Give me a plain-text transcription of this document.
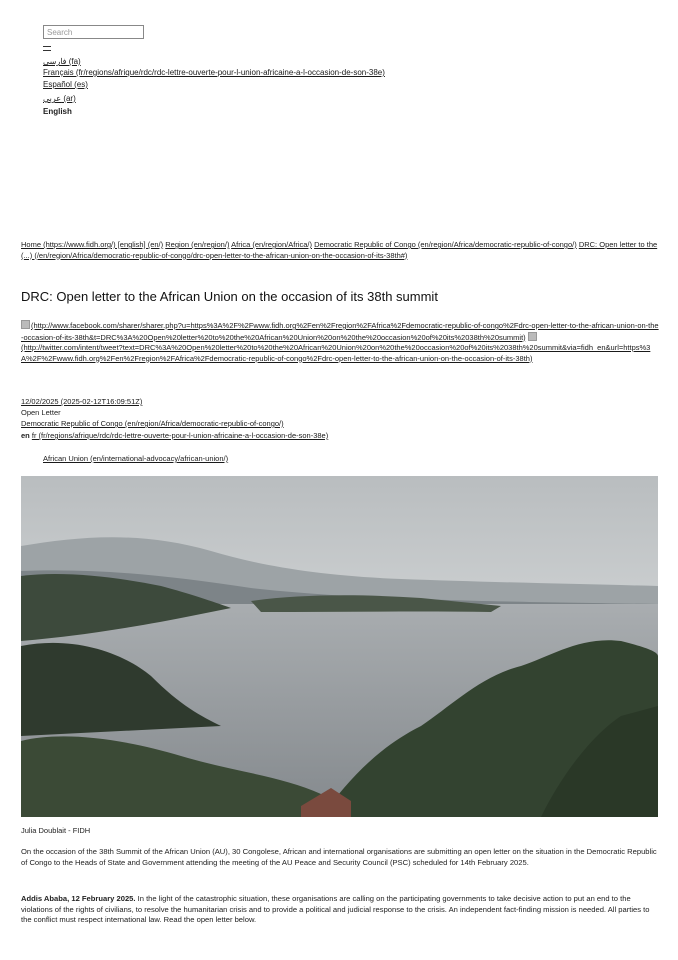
Search
فارسی (fa)
Français (fr/regions/afrique/rdc/rdc-lettre-ouverte-pour-l-union-africaine-a-l-occasion-de-son-38e)
Español (es)
عربي (ar)
English
Home (https://www.fidh.org/) [english] (en/) Region (en/region/) Africa (en/region/Africa/) Democratic Republic of Congo (en/region/Africa/democratic-republic-of-congo/) DRC: Open letter to the (...) (/en/region/Africa/democratic-republic-of-congo/drc-open-letter-to-the-african-union-on-the-occasion-of-its-38th#)
DRC: Open letter to the African Union on the occasion of its 38th summit
(http://www.facebook.com/sharer/sharer.php?u=https%3A%2F%2Fwww.fidh.org%2Fen%2Fregion%2FAfrica%2Fdemocratic-republic-of-congo%2Fdrc-open-letter-to-the-african-union-on-the-occasion-of-its-38th&t=DRC%3A%20Open%20letter%20to%20the%20African%20Union%20on%20the%20occasion%20of%20its%2038th%20summit)
(http://twitter.com/intent/tweet?text=DRC%3A%20Open%20letter%20to%20the%20African%20Union%20on%20the%20occasion%20of%20its%2038th%20summit&via=fidh_en&url=https%3A%2F%2Fwww.fidh.org%2Fen%2Fregion%2FAfrica%2Fdemocratic-republic-of-congo%2Fdrc-open-letter-to-the-african-union-on-the-occasion-of-its-38th)
12/02/2025 (2025-02-12T16:09:51Z)
Open Letter
Democratic Republic of Congo (en/region/Africa/democratic-republic-of-congo/)
en fr (fr/regions/afrique/rdc/rdc-lettre-ouverte-pour-l-union-africaine-a-l-occasion-de-son-38e)
African Union (en/international-advocacy/african-union/)
Julia Doublait - FIDH

On the occasion of the 38th Summit of the African Union (AU), 30 Congolese, African and international organisations are submitting an open letter on the situation in the Democratic Republic of Congo to the Heads of State and Government attending the meeting of the AU Peace and Security Council (PSC) scheduled for 14th February 2025.

Addis Ababa, 12 February 2025. In the light of the catastrophic situation, these organisations are calling on the participating governments to take decisive action to put an end to the violations of the rights of civilians, to resolve the humanitarian crisis and to provide a political and judicial response to the crisis. An independent fact-finding mission is needed. All parties to the conflict must respect international law. Read the open letter below.
